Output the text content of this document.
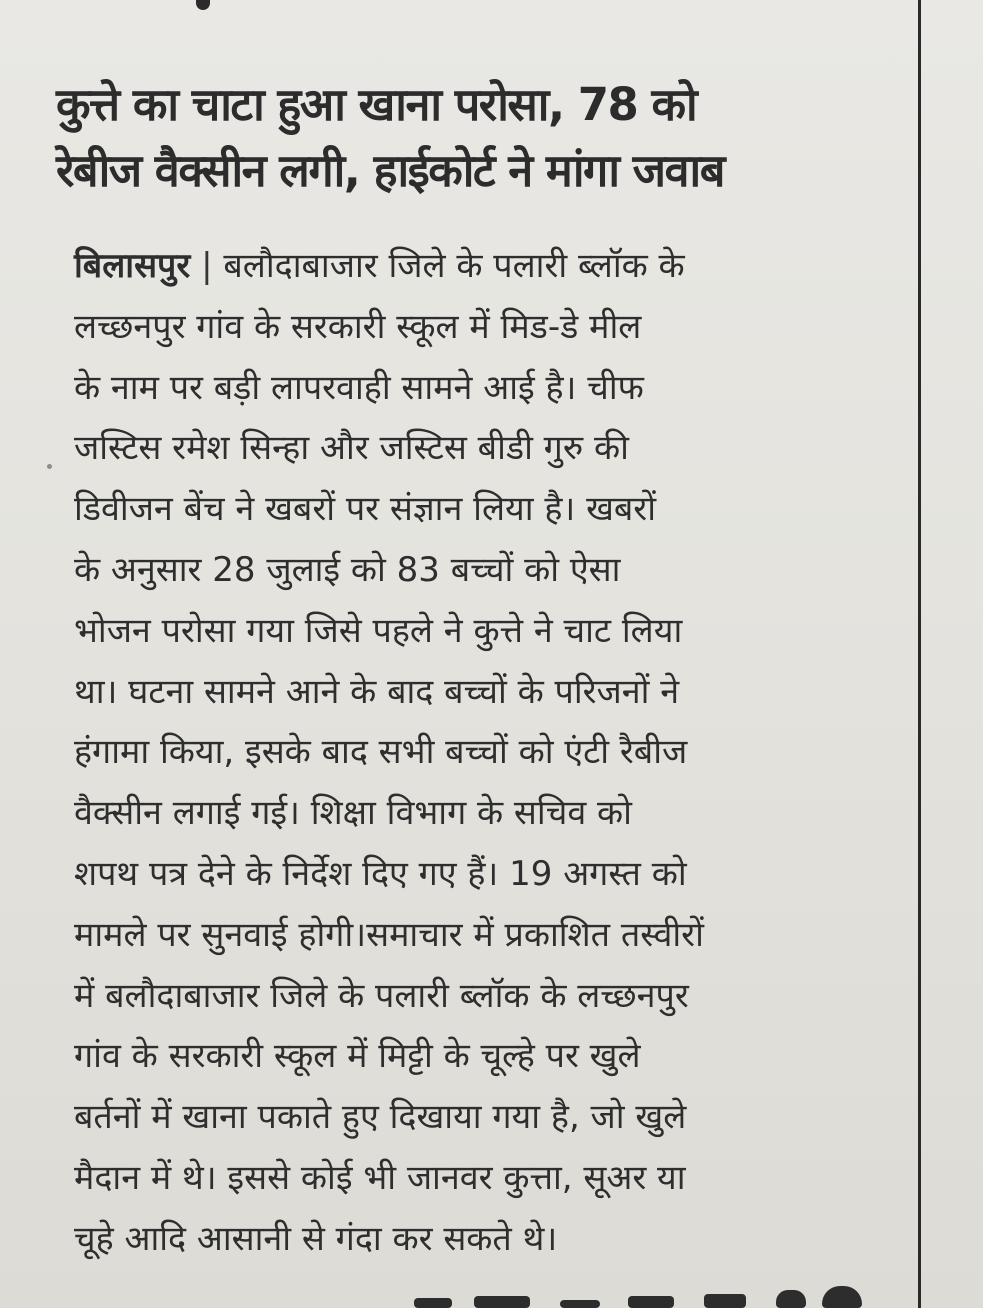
कुत्ते का चाटा हुआ खाना परोसा, 78 को
रेबीज वैक्सीन लगी, हाईकोर्ट ने मांगा जवाब
बिलासपुर | बलौदाबाजार जिले के पलारी ब्लॉक के
लच्छनपुर गांव के सरकारी स्कूल में मिड-डे मील
के नाम पर बड़ी लापरवाही सामने आई है। चीफ
जस्टिस रमेश सिन्हा और जस्टिस बीडी गुरु की
डिवीजन बेंच ने खबरों पर संज्ञान लिया है। खबरों
के अनुसार 28 जुलाई को 83 बच्चों को ऐसा
भोजन परोसा गया जिसे पहले ने कुत्ते ने चाट लिया
था। घटना सामने आने के बाद बच्चों के परिजनों ने
हंगामा किया, इसके बाद सभी बच्चों को एंटी रैबीज
वैक्सीन लगाई गई। शिक्षा विभाग के सचिव को
शपथ पत्र देने के निर्देश दिए गए हैं। 19 अगस्त को
मामले पर सुनवाई होगी।समाचार में प्रकाशित तस्वीरों
में बलौदाबाजार जिले के पलारी ब्लॉक के लच्छनपुर
गांव के सरकारी स्कूल में मिट्टी के चूल्हे पर खुले
बर्तनों में खाना पकाते हुए दिखाया गया है, जो खुले
मैदान में थे। इससे कोई भी जानवर कुत्ता, सूअर या
चूहे आदि आसानी से गंदा कर सकते थे।
